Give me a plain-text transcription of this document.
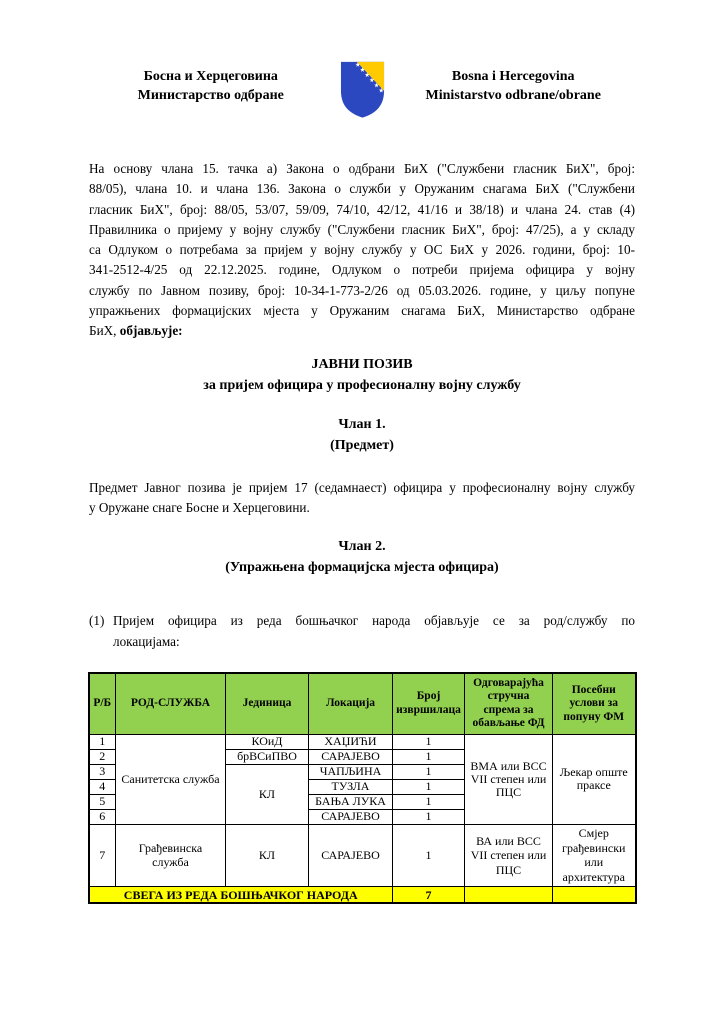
Босна и Херцеговина
Министарство одбране
Bosna i Hercegovina
Ministarstvo odbrane/obrane
На основу члана 15. тачка а) Закона о одбрани БиХ ("Службени гласник БиХ", број:
88/05), члана 10. и члана 136. Закона о служби у Оружаним снагама БиХ ("Службени
гласник БиХ", број: 88/05, 53/07, 59/09, 74/10, 42/12, 41/16 и 38/18) и члана 24. став (4)
Правилника о пријему у војну службу ("Службени гласник БиХ", број: 47/25), а у складу
са Одлуком о потребама за пријем у војну службу у ОС БиХ у 2026. години, број: 10-
341-2512-4/25 од 22.12.2025. године, Одлуком о потреби пријема официра у војну
службу по Јавном позиву, број: 10-34-1-773-2/26 од 05.03.2026. године, у циљу попуне
упражњених формацијских мјеста у Оружаним снагама БиХ, Министарство одбране
БиХ, објављује:
ЈАВНИ ПОЗИВ
за пријем официра у професионалну војну службу
Члан 1.
(Предмет)
Предмет Јавног позива је пријем 17 (седамнаест) официра у професионалну војну службу
у Оружане снаге Босне и Херцеговини.
Члан 2.
(Упражњена формацијска мјеста официра)
(1) Пријем официра из реда бошњачког народа објављује се за род/службу по
локацијама:
Р/Б	РОД-СЛУЖБА	Јединица	Локација	Број извршилаца	Одговарајућа стручна спрема за обављање ФД	Посебни услови за попуну ФМ
1	Санитетска служба	КОиД	ХАЏИЋИ	1	ВМА или ВСС VII степен или ПЦС	Љекар опште праксе
2		брВСиПВО	САРАЈЕВО	1		
3		КЛ	ЧАПЉИНА	1		
4			ТУЗЛА	1		
5			БАЊА ЛУКА	1		
6			САРАЈЕВО	1		
7	Грађевинска служба	КЛ	САРАЈЕВО	1	ВА или ВСС VII степен или ПЦС	Смјер грађевински или архитектура
СВЕГА ИЗ РЕДА БОШЊАЧКОГ НАРОДА				7		
